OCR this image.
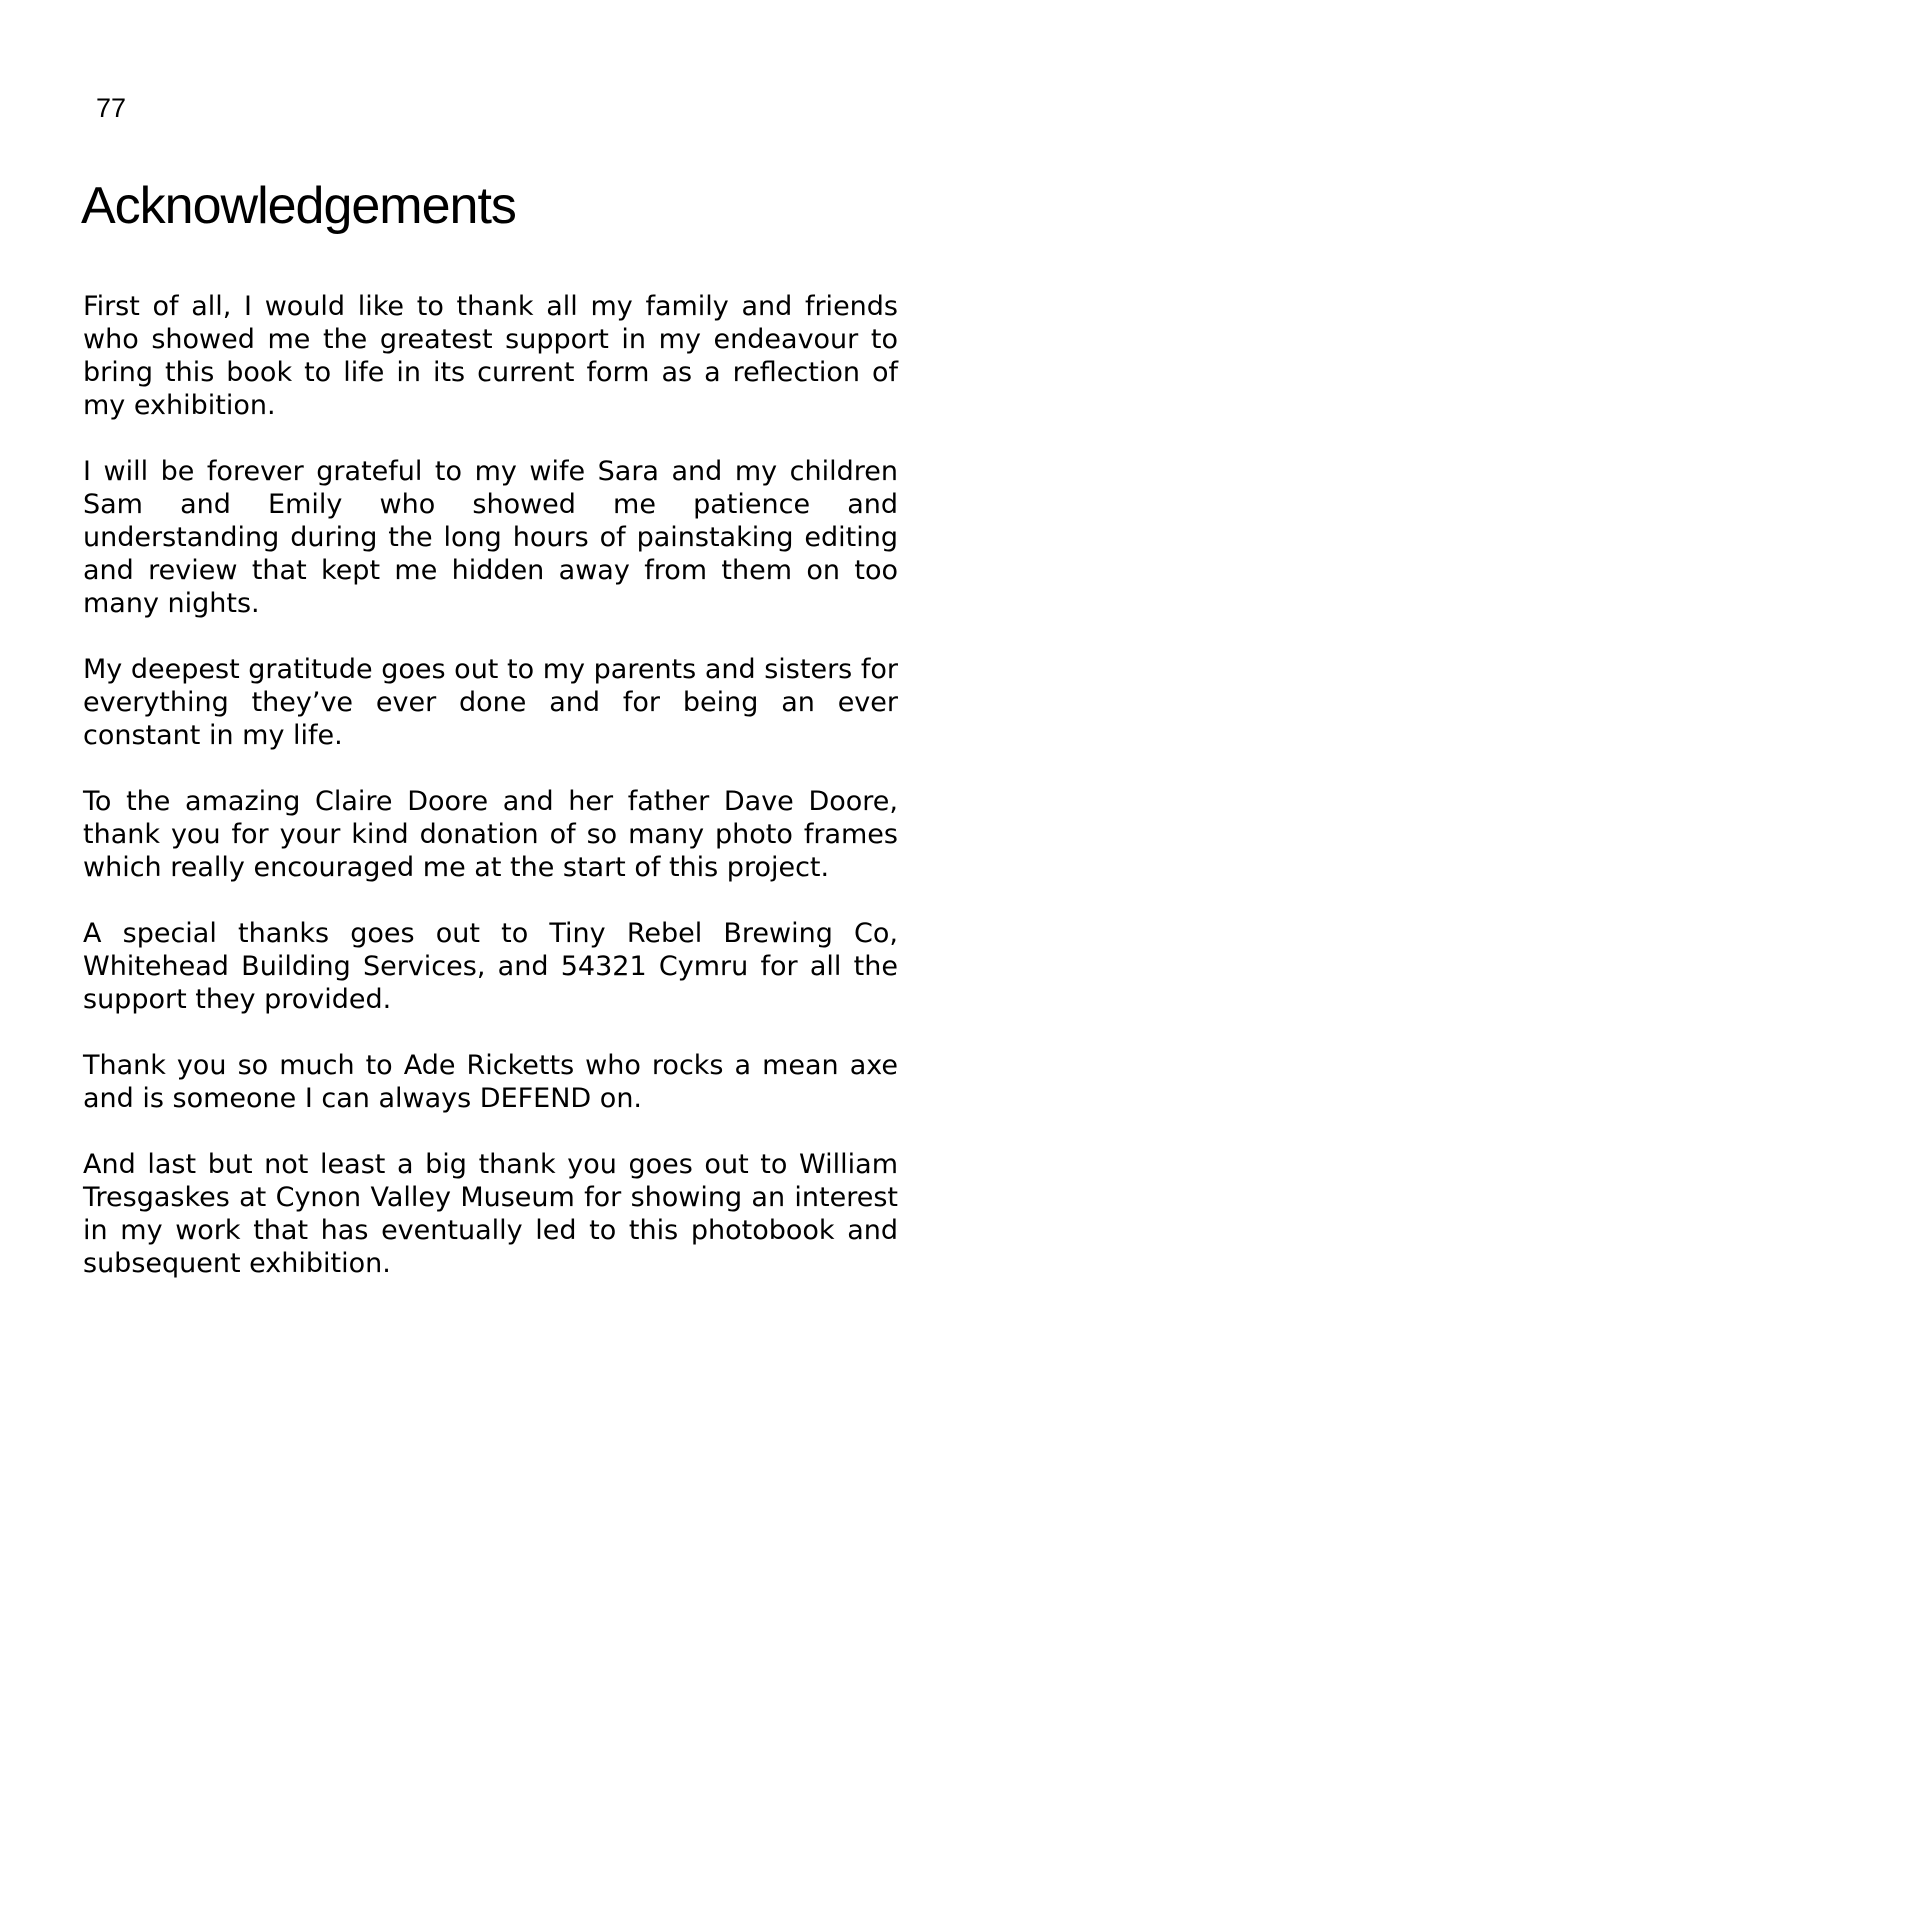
77
Acknowledgements

First of all, I would like to thank all my family and friends who showed me the greatest support in my endeavour to bring this book to life in its current form as a reflection of my exhibition.

I will be forever grateful to my wife Sara and my children Sam and Emily who showed me patience and understanding during the long hours of painstaking editing and review that kept me hidden away from them on too many nights.

My deepest gratitude goes out to my parents and sisters for everything they’ve ever done and for being an ever constant in my life.

To the amazing Claire Doore and her father Dave Doore, thank you for your kind donation of so many photo frames which really encouraged me at the start of this project.

A special thanks goes out to Tiny Rebel Brewing Co, Whitehead Building Services, and 54321 Cymru for all the support they provided.

Thank you so much to Ade Ricketts who rocks a mean axe and is someone I can always DEFEND on.

And last but not least a big thank you goes out to William Tresgaskes at Cynon Valley Museum for showing an interest in my work that has eventually led to this photobook and subsequent exhibition.
